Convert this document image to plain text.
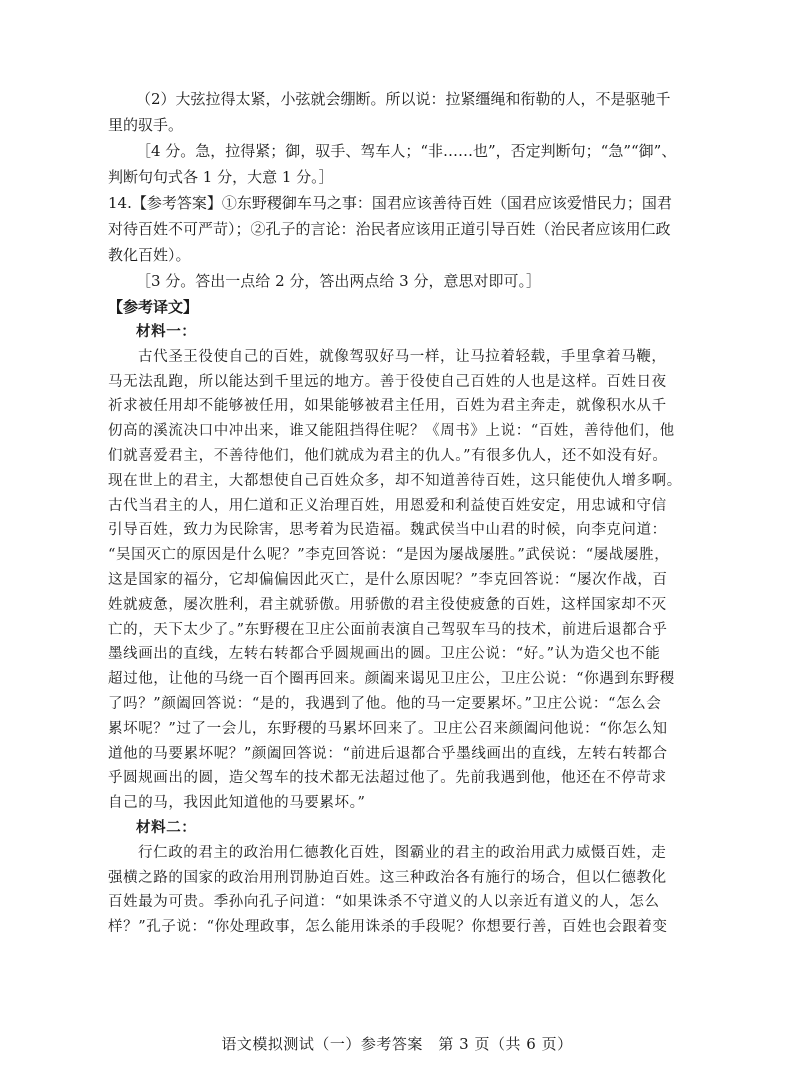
（2）大弦拉得太紧，小弦就会绷断。所以说：拉紧缰绳和衔勒的人，不是驱驰千

里的驭手。

［4 分。急，拉得紧；御，驭手、驾车人；“非……也”，否定判断句；“急”“御”、

判断句句式各 1 分，大意 1 分。］

14.【参考答案】①东野稷御车马之事：国君应该善待百姓（国君应该爱惜民力；国君

对待百姓不可严苛）；②孔子的言论：治民者应该用正道引导百姓（治民者应该用仁政

教化百姓）。

［3 分。答出一点给 2 分，答出两点给 3 分，意思对即可。］

【参考译文】

材料一：

古代圣王役使自己的百姓，就像驾驭好马一样，让马拉着轻载，手里拿着马鞭，

马无法乱跑，所以能达到千里远的地方。善于役使自己百姓的人也是这样。百姓日夜

祈求被任用却不能够被任用，如果能够被君主任用，百姓为君主奔走，就像积水从千

仞高的溪流决口中冲出来，谁又能阻挡得住呢？《周书》上说：“百姓，善待他们，他

们就喜爱君主，不善待他们，他们就成为君主的仇人。”有很多仇人，还不如没有好。

现在世上的君主，大都想使自己百姓众多，却不知道善待百姓，这只能使仇人增多啊。

古代当君主的人，用仁道和正义治理百姓，用恩爱和利益使百姓安定，用忠诚和守信

引导百姓，致力为民除害，思考着为民造福。魏武侯当中山君的时候，向李克问道：

“吴国灭亡的原因是什么呢？”李克回答说：“是因为屡战屡胜。”武侯说：“屡战屡胜，

这是国家的福分，它却偏偏因此灭亡，是什么原因呢？”李克回答说：“屡次作战，百

姓就疲惫，屡次胜利，君主就骄傲。用骄傲的君主役使疲惫的百姓，这样国家却不灭

亡的，天下太少了。”东野稷在卫庄公面前表演自己驾驭车马的技术，前进后退都合乎

墨线画出的直线，左转右转都合乎圆规画出的圆。卫庄公说：“好。”认为造父也不能

超过他，让他的马绕一百个圈再回来。颜阖来谒见卫庄公，卫庄公说：“你遇到东野稷

了吗？”颜阖回答说：“是的，我遇到了他。他的马一定要累坏。”卫庄公说：“怎么会

累坏呢？”过了一会儿，东野稷的马累坏回来了。卫庄公召来颜阖问他说：“你怎么知

道他的马要累坏呢？”颜阖回答说：“前进后退都合乎墨线画出的直线，左转右转都合

乎圆规画出的圆，造父驾车的技术都无法超过他了。先前我遇到他，他还在不停苛求

自己的马，我因此知道他的马要累坏。”

材料二：

行仁政的君主的政治用仁德教化百姓，图霸业的君主的政治用武力威慑百姓，走

强横之路的国家的政治用刑罚胁迫百姓。这三种政治各有施行的场合，但以仁德教化

百姓最为可贵。季孙向孔子问道：“如果诛杀不守道义的人以亲近有道义的人，怎么

样？”孔子说：“你处理政事，怎么能用诛杀的手段呢？你想要行善，百姓也会跟着变

语文模拟测试（一）参考答案　第 3 页（共 6 页）
